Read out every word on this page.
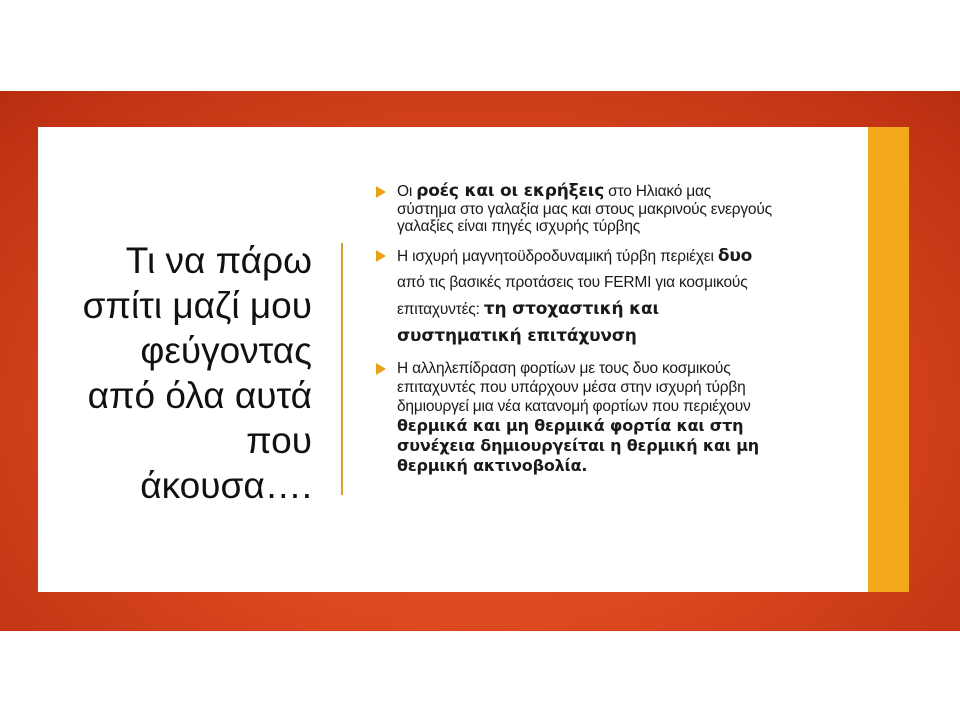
Τι να πάρω
σπίτι μαζί μου
φεύγοντας
από όλα αυτά
που
άκουσα….
Οι ροές και οι εκρήξεις στο Ηλιακό μας σύστημα στο γαλαξία μας και στους μακρινούς ενεργούς γαλαξίες είναι πηγές ισχυρής τύρβης
Η ισχυρή μαγνητοϋδροδυναμική τύρβη περιέχει δυο από τις βασικές προτάσεις του FERMI για κοσμικούς επιταχυντές: τη στοχαστική και συστηματική επιτάχυνση
Η αλληλεπίδραση φορτίων με τους δυο κοσμικούς επιταχυντές που υπάρχουν μέσα στην ισχυρή τύρβη δημιουργεί μια νέα κατανομή φορτίων που περιέχουν θερμικά και μη θερμικά φορτία και στη συνέχεια δημιουργείται η θερμική και μη θερμική ακτινοβολία.
